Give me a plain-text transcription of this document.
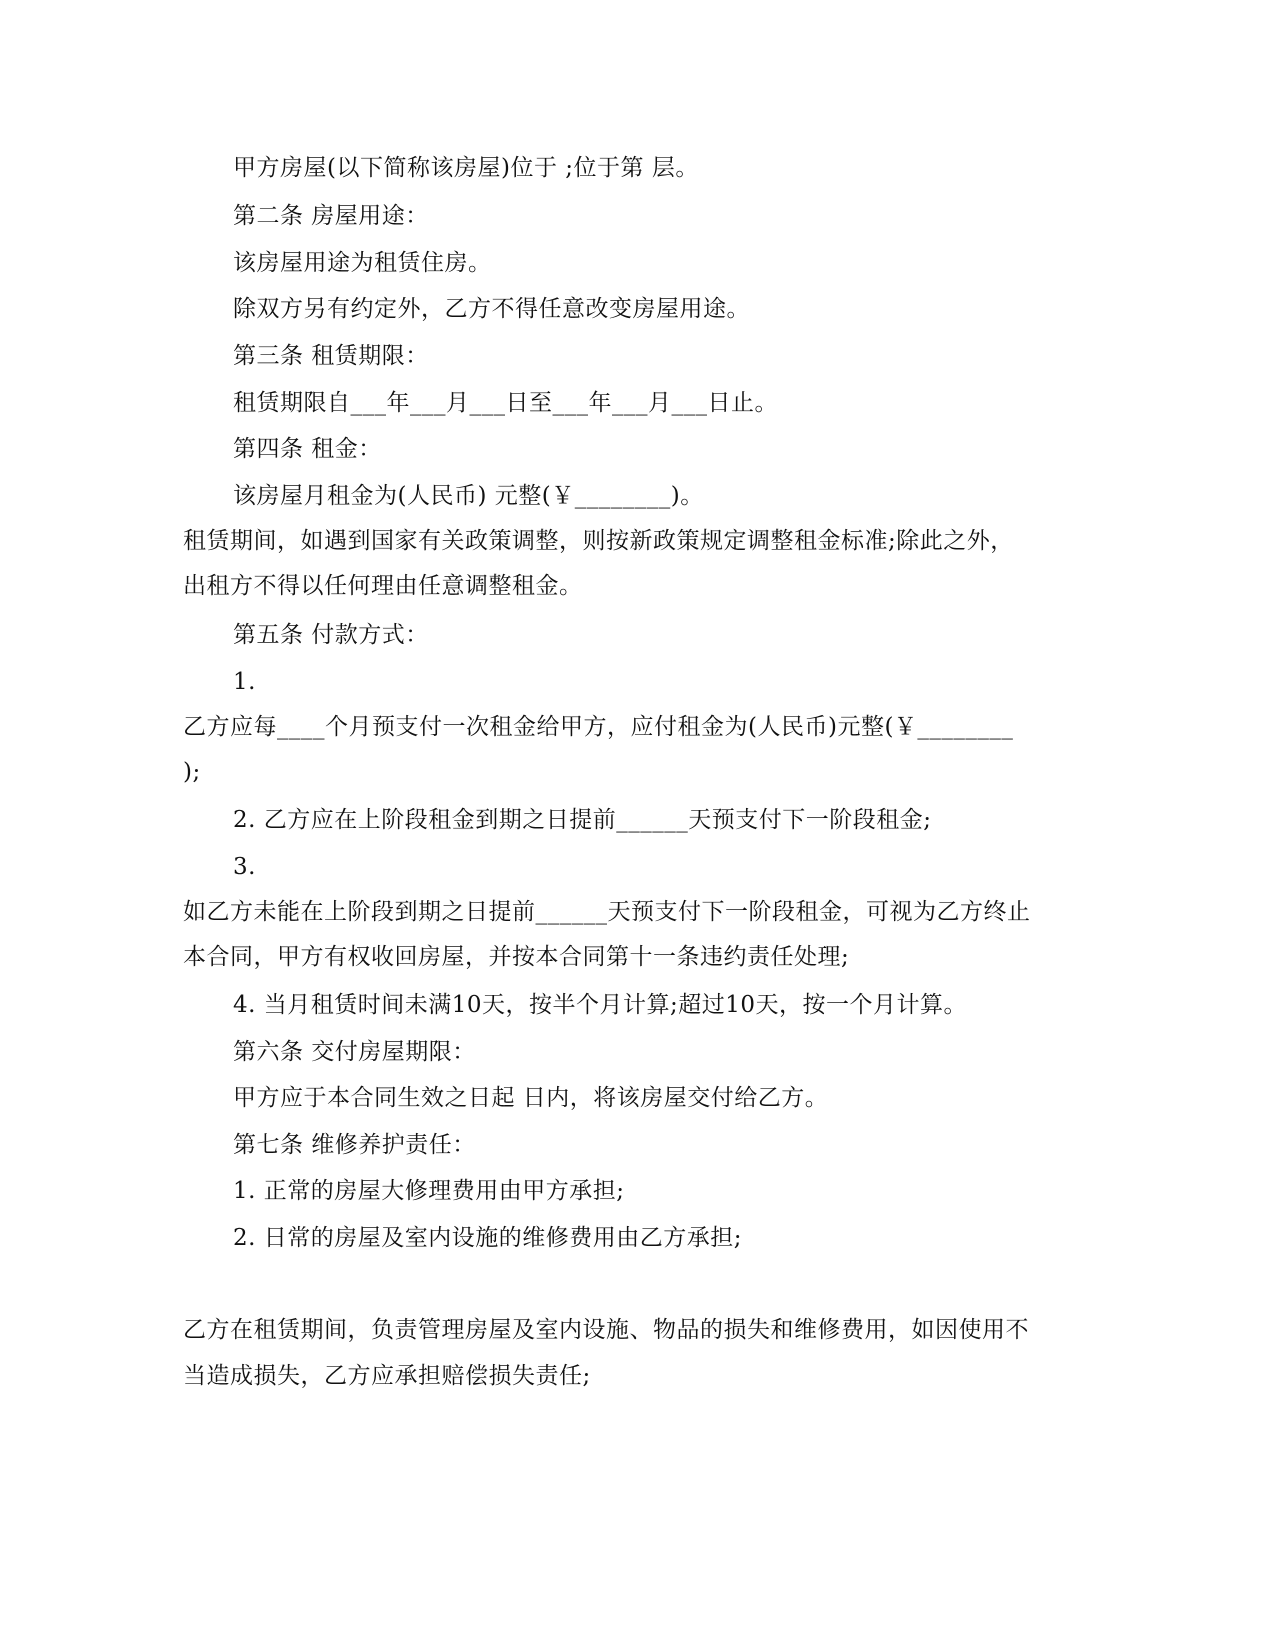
甲方房屋(以下简称该房屋)位于 ;位于第 层。
第二条 房屋用途：
该房屋用途为租赁住房。
除双方另有约定外，乙方不得任意改变房屋用途。
第三条 租赁期限：
租赁期限自___年___月___日至___年___月___日止。
第四条 租金：
该房屋月租金为(人民币) 元整(￥________)。
租赁期间，如遇到国家有关政策调整，则按新政策规定调整租金标准;除此之外，
出租方不得以任何理由任意调整租金。
第五条 付款方式：
1.
乙方应每____个月预支付一次租金给甲方，应付租金为(人民币)元整(￥________
);
2. 乙方应在上阶段租金到期之日提前______天预支付下一阶段租金;
3.
如乙方未能在上阶段到期之日提前______天预支付下一阶段租金，可视为乙方终止
本合同，甲方有权收回房屋，并按本合同第十一条违约责任处理;
4. 当月租赁时间未满10天，按半个月计算;超过10天，按一个月计算。
第六条 交付房屋期限：
甲方应于本合同生效之日起 日内，将该房屋交付给乙方。
第七条 维修养护责任：
1. 正常的房屋大修理费用由甲方承担;
2. 日常的房屋及室内设施的维修费用由乙方承担;
乙方在租赁期间，负责管理房屋及室内设施、物品的损失和维修费用，如因使用不
当造成损失，乙方应承担赔偿损失责任;
